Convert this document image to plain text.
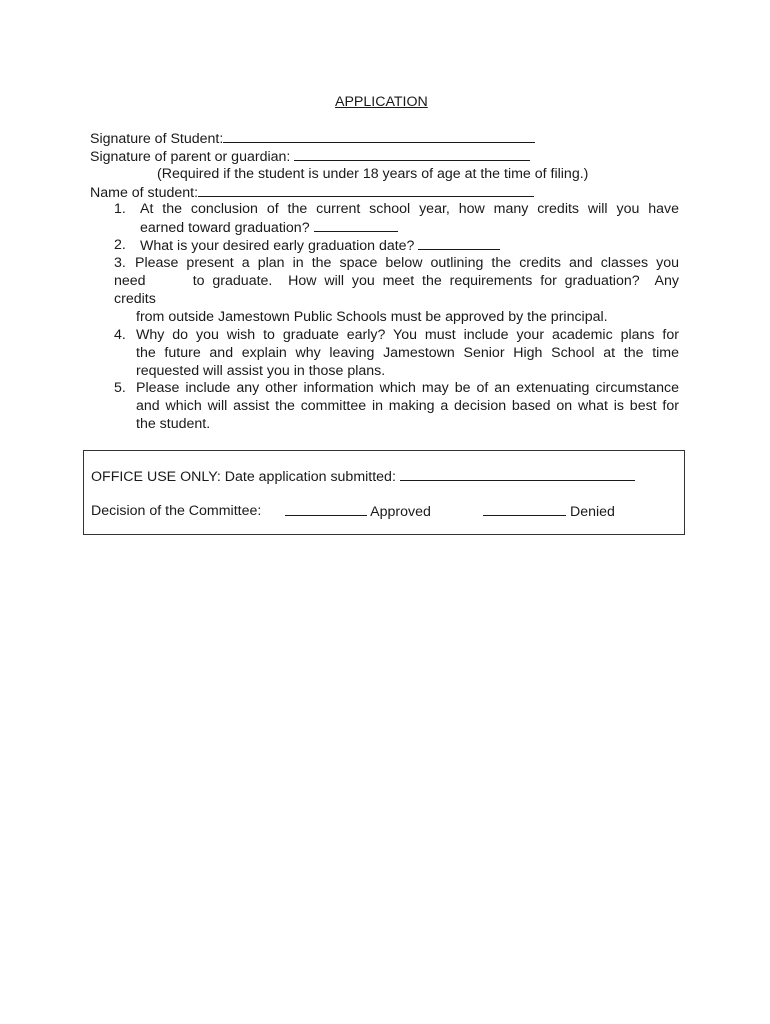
APPLICATION
Signature of Student:
Signature of parent or guardian:
(Required if the student is under 18 years of age at the time of filing.)
Name of student:
1. At the conclusion of the current school year, how many credits will you have
earned toward graduation?
2. What is your desired early graduation date?
3. Please present a plan in the space below outlining the credits and classes you
need      to graduate.  How will you meet the requirements for graduation?  Any
credits
from outside Jamestown Public Schools must be approved by the principal.
4. Why do you wish to graduate early? You must include your academic plans for
the future and explain why leaving Jamestown Senior High School at the time
requested will assist you in those plans.
5. Please include any other information which may be of an extenuating circumstance
and which will assist the committee in making a decision based on what is best for
the student.
OFFICE USE ONLY: Date application submitted:
Decision of the Committee:	Approved	Denied
